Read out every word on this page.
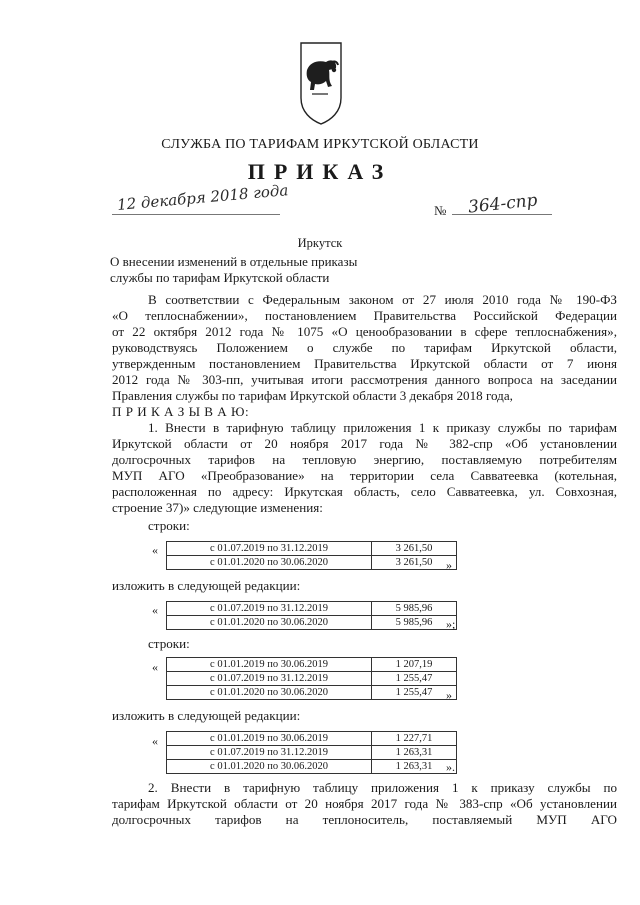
СЛУЖБА ПО ТАРИФАМ ИРКУТСКОЙ ОБЛАСТИ
ПРИКАЗ
12 декабря 2018 года	№ 364-спр
Иркутск
О внесении изменений в отдельные приказы
службы по тарифам Иркутской области
В соответствии с Федеральным законом от 27 июля 2010 года № 190-ФЗ
«О теплоснабжении», постановлением Правительства Российской Федерации
от 22 октября 2012 года № 1075 «О ценообразовании в сфере теплоснабжения»,
руководствуясь Положением о службе по тарифам Иркутской области,
утвержденным постановлением Правительства Иркутской области от 7 июня
2012 года № 303-пп, учитывая итоги рассмотрения данного вопроса на заседании
Правления службы по тарифам Иркутской области 3 декабря 2018 года,
П Р И К А З Ы В А Ю:
1. Внести в тарифную таблицу приложения 1 к приказу службы по тарифам
Иркутской области от 20 ноября 2017 года № 382-спр «Об установлении
долгосрочных тарифов на тепловую энергию, поставляемую потребителям
МУП АГО «Преобразование» на территории села Савватеевка (котельная,
расположенная по адресу: Иркутская область, село Савватеевка, ул. Совхозная,
строение 37)» следующие изменения:
строки:
«	с 01.07.2019 по 31.12.2019	3 261,50
с 01.01.2020 по 30.06.2020	3 261,50 »
изложить в следующей редакции:
«	с 01.07.2019 по 31.12.2019	5 985,96
с 01.01.2020 по 30.06.2020	5 985,96 »;
строки:
«	с 01.01.2019 по 30.06.2019	1 207,19
с 01.07.2019 по 31.12.2019	1 255,47
с 01.01.2020 по 30.06.2020	1 255,47 »
изложить в следующей редакции:
«	с 01.01.2019 по 30.06.2019	1 227,71
с 01.07.2019 по 31.12.2019	1 263,31
с 01.01.2020 по 30.06.2020	1 263,31 ».
2. Внести в тарифную таблицу приложения 1 к приказу службы по
тарифам Иркутской области от 20 ноября 2017 года № 383-спр «Об установлении
долгосрочных тарифов на теплоноситель, поставляемый МУП АГО
